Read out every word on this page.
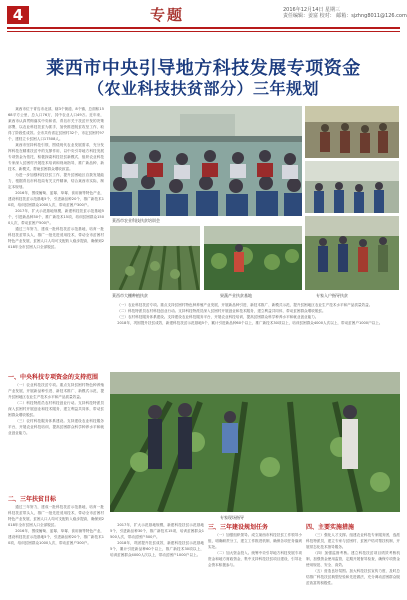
4	专题	2016年12月14日 星期三
责任编辑：姜富 校对： 邮箱：sjzhng8011@126.com
莱西市中央引导地方科技发展专项资金
（农业科技扶贫部分）三年规划

莱西市位于青岛市北部，辖3个街道、8个镇，总面积1568平方公里，总人口76万，其中农业人口49万。近年来，莱西市认真贯彻落实中央和省、青岛市关于扶贫开发的决策部署，以农业科技扶贫为抓手，加快推进脱贫攻坚工作，取得了阶段性成效。全市共有省定贫困村32个，市定贫困村97个，建档立卡贫困人口17508人。

莱西市坚持科技引领，围绕现代农业发展需求，充分发挥科技在精准扶贫中的支撑作用，以中央引导地方科技发展专项资金为依托，积极探索科技扶贫新模式，组织农业科技专家深入贫困村开展技术培训和现场指导，推广新品种、新技术、新模式，帮助贫困群众增收致富。

为进一步加强科技扶贫工作，提升贫困地区自我发展能力，根据青岛市科技局有关文件精神，结合莱西市实际，制定本规划。

2016年，围绕葡萄、蓝莓、草莓、食用菌等特色产业，建设科技扶贫示范基地5个，引进新品种20个，推广新技术10项，培训贫困群众1000人次，带动贫困户300户。

2017年，扩大示范基地规模，新建科技扶贫示范基地5个，引进新品种30个，推广新技术15项，培训贫困群众1500人次，带动贫困户500户。

通过三年努力，建成一批科技扶贫示范基地，培育一批科技扶贫带头人，推广一批先进适用技术，带动全市贫困村特色产业发展，贫困人口人均可支配收入稳步提高，确保到2018年全市贫困人口全部脱贫。

莱西市农业科技扶贫培训会
莱西市大棚种植扶贫	果蔬产业扶贫基地	专家入户指导扶贫

（一）农业科技扶贫专项。重点支持贫困村特色种养殖产业发展，开展新品种引进、新技术推广、新模式示范，提升贫困地区农业生产技术水平和产品质量效益。

（二）科技特派员农村科技创业行动。支持科技特派员深入贫困村开展创业和技术服务，建立利益共同体，带动贫困群众增收脱贫。

（三）农村科技服务体系建设。支持建设农业科技服务平台，开展农业科技培训，提高贫困群众科学种养水平和就业创业能力。

2018年，巩固提升扶贫成效，新建科技扶贫示范基地5个，累计引进新品种60个以上，推广新技术30项以上，培训贫困群众4000人次以上，带动贫困户1000户以上。

一、中央科技专项资金的支持范围

（一）农业科技扶贫专项。重点支持贫困村特色种养殖产业发展，开展新品种引进、新技术推广、新模式示范，提升贫困地区农业生产技术水平和产品质量效益。

（二）科技特派员农村科技创业行动。支持科技特派员深入贫困村开展创业和技术服务，建立利益共同体，带动贫困群众增收脱贫。

（三）农村科技服务体系建设。支持建设农业科技服务平台，开展农业科技培训，提高贫困群众科学种养水平和就业创业能力。

二、三年扶贫目标

通过三年努力，建成一批科技扶贫示范基地，培育一批科技扶贫带头人，推广一批先进适用技术，带动全市贫困村特色产业发展，贫困人口人均可支配收入稳步提高，确保到2018年全市贫困人口全部脱贫。

2016年，围绕葡萄、蓝莓、草莓、食用菌等特色产业，建设科技扶贫示范基地5个，引进新品种20个，推广新技术10项，培训贫困群众1000人次，带动贫困户300户。

专家现场指导

2017年，扩大示范基地规模，新建科技扶贫示范基地5个，引进新品种30个，推广新技术15项，培训贫困群众1500人次，带动贫困户500户。

2018年，巩固提升扶贫成效，新建科技扶贫示范基地5个，累计引进新品种60个以上，推广新技术30项以上，培训贫困群众4000人次以上，带动贫困户1000户以上。

三、三年建设规划任务

（一）加强组织领导。成立莱西市科技扶贫工作领导小组，明确职责分工，建立工作推进机制，确保各项任务落到实处。

（二）加大资金投入。统筹中央引导地方科技发展专项资金和地方财政资金，集中支持科技扶贫项目建设，引导社会资本积极参与。

四、主要实施措施

（三）强化人才支撑。组建农业科技专家服务团，选派科技特派员，建立专家与贫困村、贫困户结对帮扶机制，开展常态化技术指导服务。

（四）加强监督考核。建立科技扶贫项目绩效考核机制，加强资金使用监管，定期开展督导检查，确保专项资金使用规范、安全、高效。

（五）营造良好氛围。加大科技扶贫宣传力度，及时总结推广科技扶贫典型经验和先进做法，充分调动贫困群众脱贫致富的积极性。
